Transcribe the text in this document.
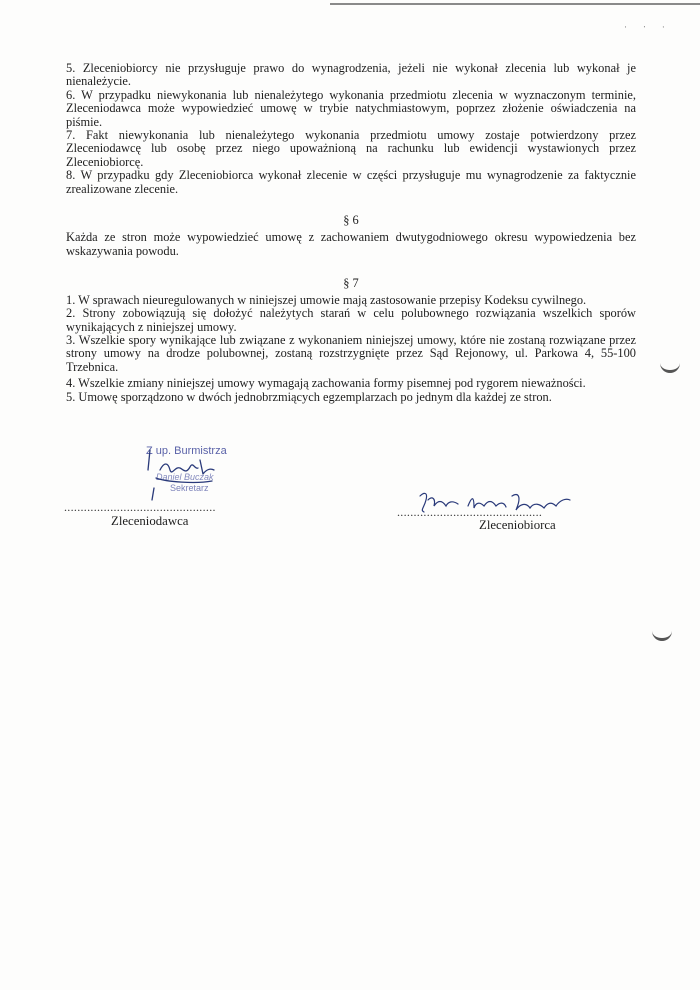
·‧·

5. Zleceniobiorcy nie przysługuje prawo do wynagrodzenia, jeżeli nie wykonał zlecenia lub wykonał je nienależycie.

6. W przypadku niewykonania lub nienależytego wykonania przedmiotu zlecenia w wyznaczonym terminie, Zleceniodawca może wypowiedzieć umowę w trybie natychmiastowym, poprzez złożenie oświadczenia na piśmie.

7. Fakt niewykonania lub nienależytego wykonania przedmiotu umowy zostaje potwierdzony przez Zleceniodawcę lub osobę przez niego upoważnioną na rachunku lub ewidencji wystawionych przez Zleceniobiorcę.

8. W przypadku gdy Zleceniobiorca wykonał zlecenie w części przysługuje mu wynagrodzenie za faktycznie zrealizowane zlecenie.

§ 6

Każda ze stron może wypowiedzieć umowę z zachowaniem dwutygodniowego okresu wypowiedzenia bez wskazywania powodu.

§ 7

1. W sprawach nieuregulowanych w niniejszej umowie mają zastosowanie przepisy Kodeksu cywilnego.

2. Strony zobowiązują się dołożyć należytych starań w celu polubownego rozwiązania wszelkich sporów wynikających z niniejszej umowy.

3. Wszelkie spory wynikające lub związane z wykonaniem niniejszej umowy, które nie zostaną rozwiązane przez strony umowy na drodze polubownej, zostaną rozstrzygnięte przez Sąd Rejonowy, ul. Parkowa 4, 55-100 Trzebnica.

4. Wszelkie zmiany niniejszej umowy wymagają zachowania formy pisemnej pod rygorem nieważności.

5. Umowę sporządzono w dwóch jednobrzmiących egzemplarzach po jednym dla każdej ze stron.

Z up. Burmistrza
Daniel Buczak
Sekretarz
..............................................	............................................
Zleceniodawca	Zleceniobiorca
